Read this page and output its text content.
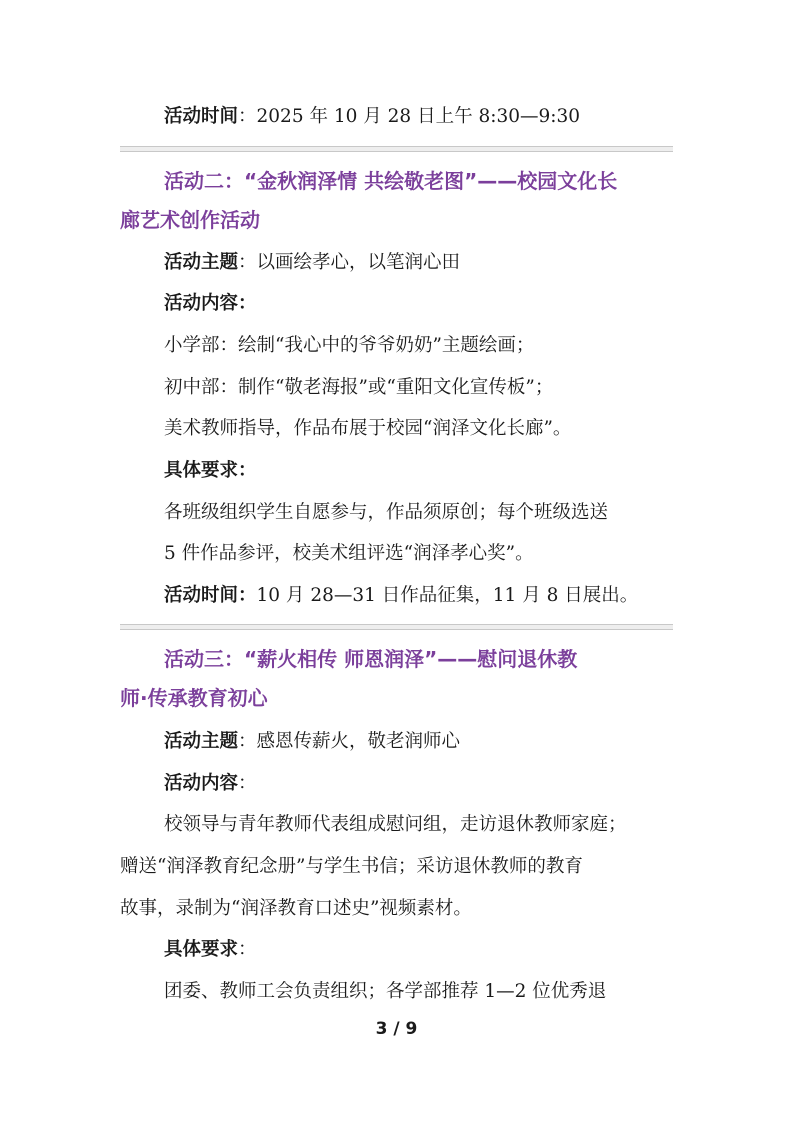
活动时间：2025 年 10 月 28 日上午 8:30—9:30
活动二：“金秋润泽情 共绘敬老图”——校园文化长
廊艺术创作活动
活动主题：以画绘孝心，以笔润心田
活动内容：
小学部：绘制“我心中的爷爷奶奶”主题绘画；
初中部：制作“敬老海报”或“重阳文化宣传板”；
美术教师指导，作品布展于校园“润泽文化长廊”。
具体要求：
各班级组织学生自愿参与，作品须原创；每个班级选送
5 件作品参评，校美术组评选“润泽孝心奖”。
活动时间：10 月 28—31 日作品征集，11 月 8 日展出。
活动三：“薪火相传 师恩润泽”——慰问退休教
师·传承教育初心
活动主题：感恩传薪火，敬老润师心
活动内容：
校领导与青年教师代表组成慰问组，走访退休教师家庭；
赠送“润泽教育纪念册”与学生书信；采访退休教师的教育
故事，录制为“润泽教育口述史”视频素材。
具体要求：
团委、教师工会负责组织；各学部推荐 1—2 位优秀退
3 / 9
